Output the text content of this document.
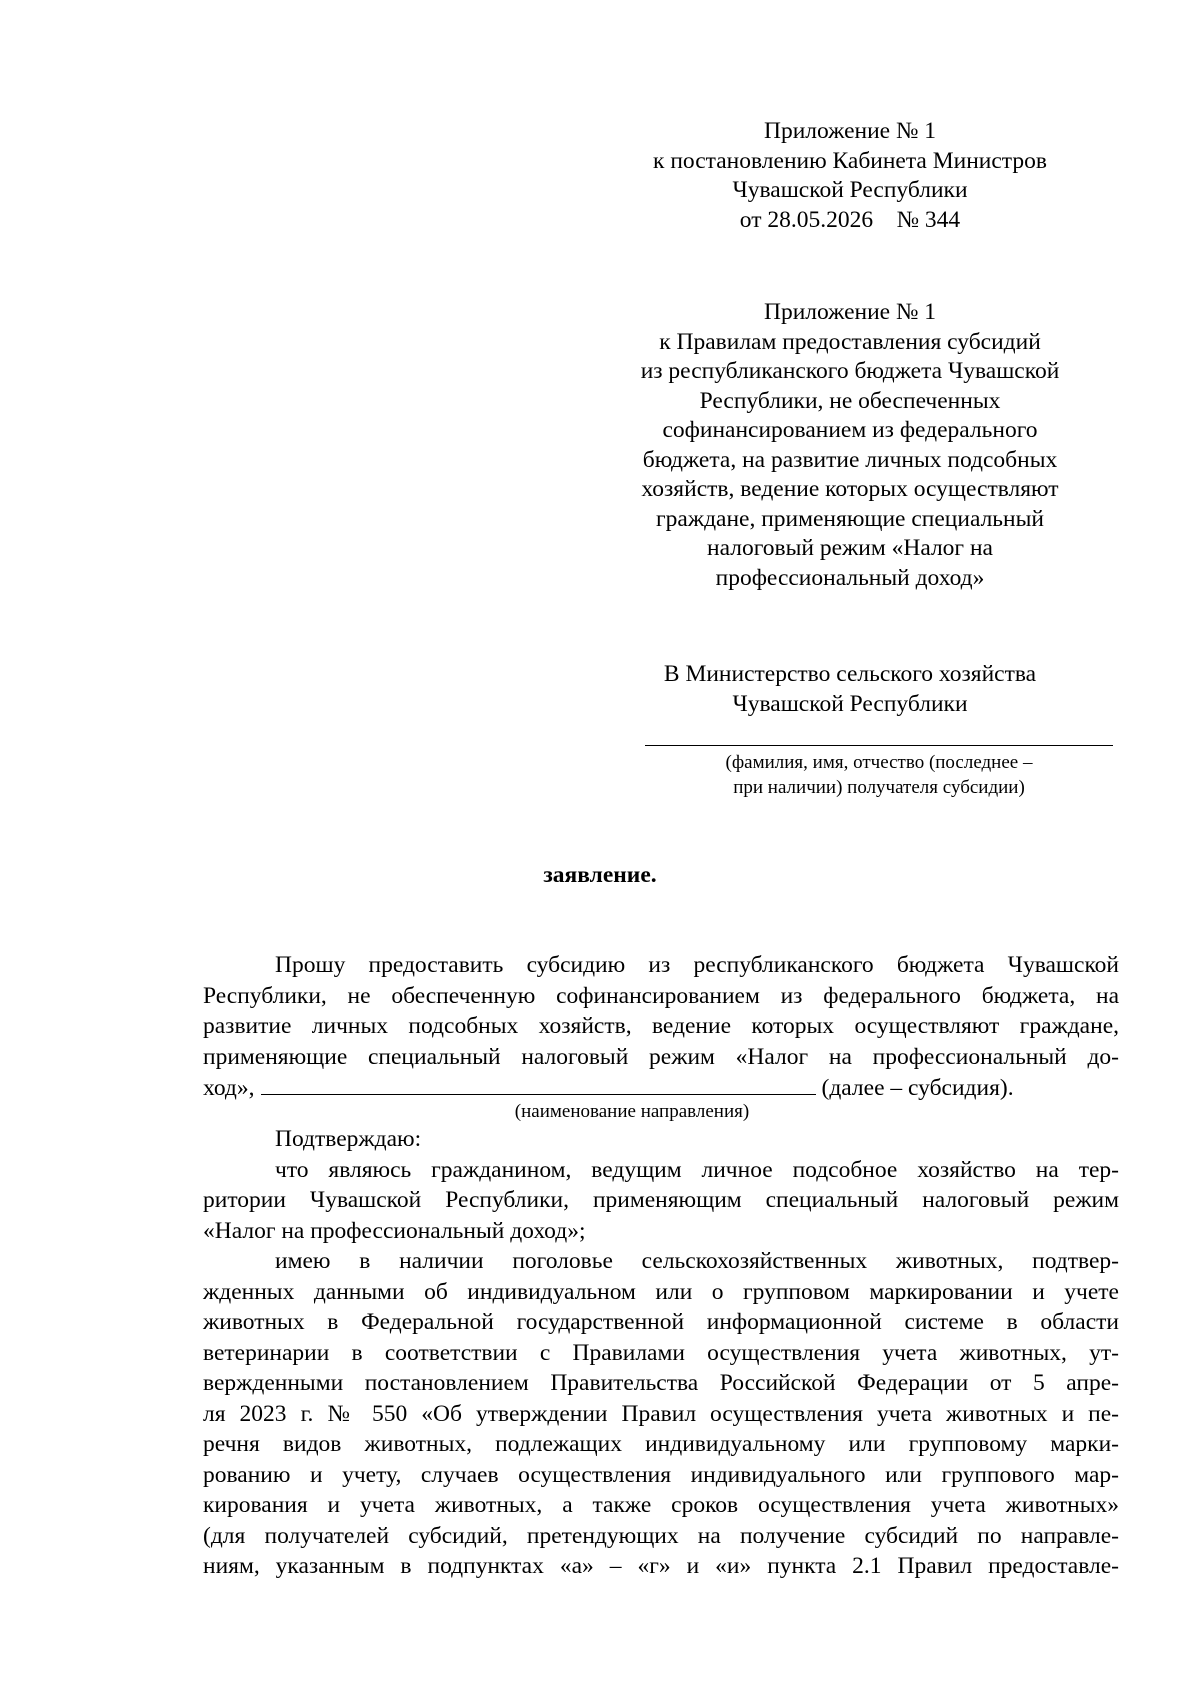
Приложение № 1
к постановлению Кабинета Министров
Чувашской Республики
от 28.05.2026    № 344
Приложение № 1
к Правилам предоставления субсидий
из республиканского бюджета Чувашской
Республики, не обеспеченных
софинансированием из федерального
бюджета, на развитие личных подсобных
хозяйств, ведение которых осуществляют
граждане, применяющие специальный
налоговый режим «Налог на
профессиональный доход»
В Министерство сельского хозяйства
Чувашской Республики
(фамилия, имя, отчество (последнее –
при наличии) получателя субсидии)
заявление.
Прошу предоставить субсидию из республиканского бюджета Чувашской
Республики, не обеспеченную софинансированием из федерального бюджета, на
развитие личных подсобных хозяйств, ведение которых осуществляют граждане,
применяющие специальный налоговый режим «Налог на профессиональный до-
ход»,	(далее – субсидия).
(наименование направления)
Подтверждаю:
что являюсь гражданином, ведущим личное подсобное хозяйство на тер-
ритории Чувашской Республики, применяющим специальный налоговый режим
«Налог на профессиональный доход»;
имею в наличии поголовье сельскохозяйственных животных, подтвер-
жденных данными об индивидуальном или о групповом маркировании и учете
животных в Федеральной государственной информационной системе в области
ветеринарии в соответствии с Правилами осуществления учета животных, ут-
вержденными постановлением Правительства Российской Федерации от 5 апре-
ля 2023 г. № 550 «Об утверждении Правил осуществления учета животных и пе-
речня видов животных, подлежащих индивидуальному или групповому марки-
рованию и учету, случаев осуществления индивидуального или группового мар-
кирования и учета животных, а также сроков осуществления учета животных»
(для получателей субсидий, претендующих на получение субсидий по направле-
ниям, указанным в подпунктах «а» – «г» и «и» пункта 2.1 Правил предоставле-
